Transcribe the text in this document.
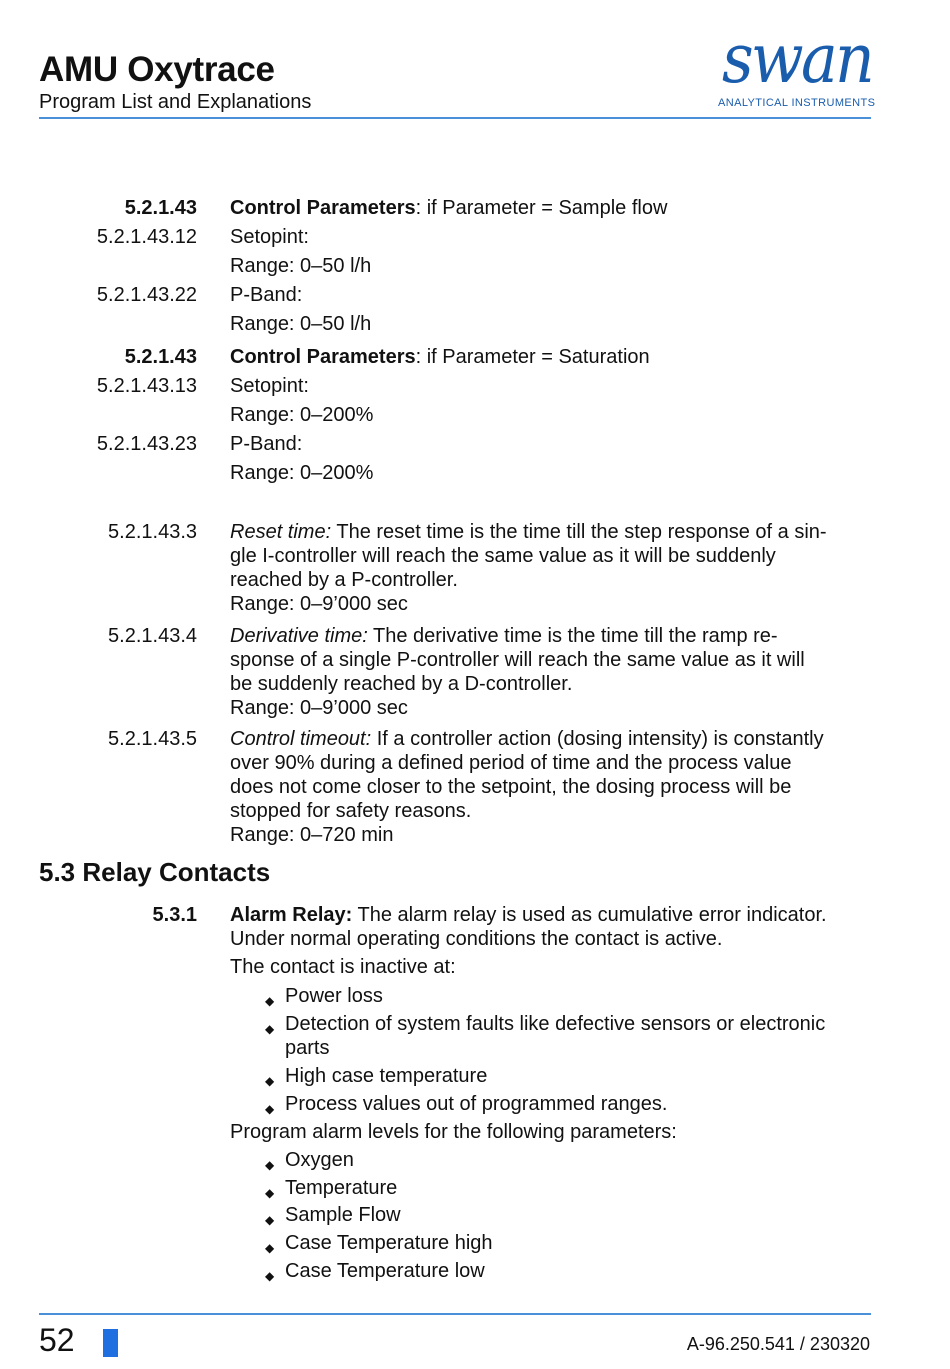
AMU Oxytrace
Program List and Explanations
swan
ANALYTICAL INSTRUMENTS
5.2.1.43 Control Parameters: if Parameter = Sample flow
5.2.1.43.12 Setopint:
Range: 0–50 l/h
5.2.1.43.22 P-Band:
Range: 0–50 l/h
5.2.1.43 Control Parameters: if Parameter = Saturation
5.2.1.43.13 Setopint:
Range: 0–200%
5.2.1.43.23 P-Band:
Range: 0–200%
5.2.1.43.3 Reset time: The reset time is the time till the step response of a sin-
gle I-controller will reach the same value as it will be suddenly
reached by a P-controller.
Range: 0–9’000 sec
5.2.1.43.4 Derivative time: The derivative time is the time till the ramp re-
sponse of a single P-controller will reach the same value as it will
be suddenly reached by a D-controller.
Range: 0–9’000 sec
5.2.1.43.5 Control timeout: If a controller action (dosing intensity) is constantly
over 90% during a defined period of time and the process value
does not come closer to the setpoint, the dosing process will be
stopped for safety reasons.
Range: 0–720 min
5.3 Relay Contacts
5.3.1 Alarm Relay: The alarm relay is used as cumulative error indicator.
Under normal operating conditions the contact is active.
The contact is inactive at:
◆ Power loss
◆ Detection of system faults like defective sensors or electronic
parts
◆ High case temperature
◆ Process values out of programmed ranges.
Program alarm levels for the following parameters:
◆ Oxygen
◆ Temperature
◆ Sample Flow
◆ Case Temperature high
◆ Case Temperature low
52	A-96.250.541 / 230320
